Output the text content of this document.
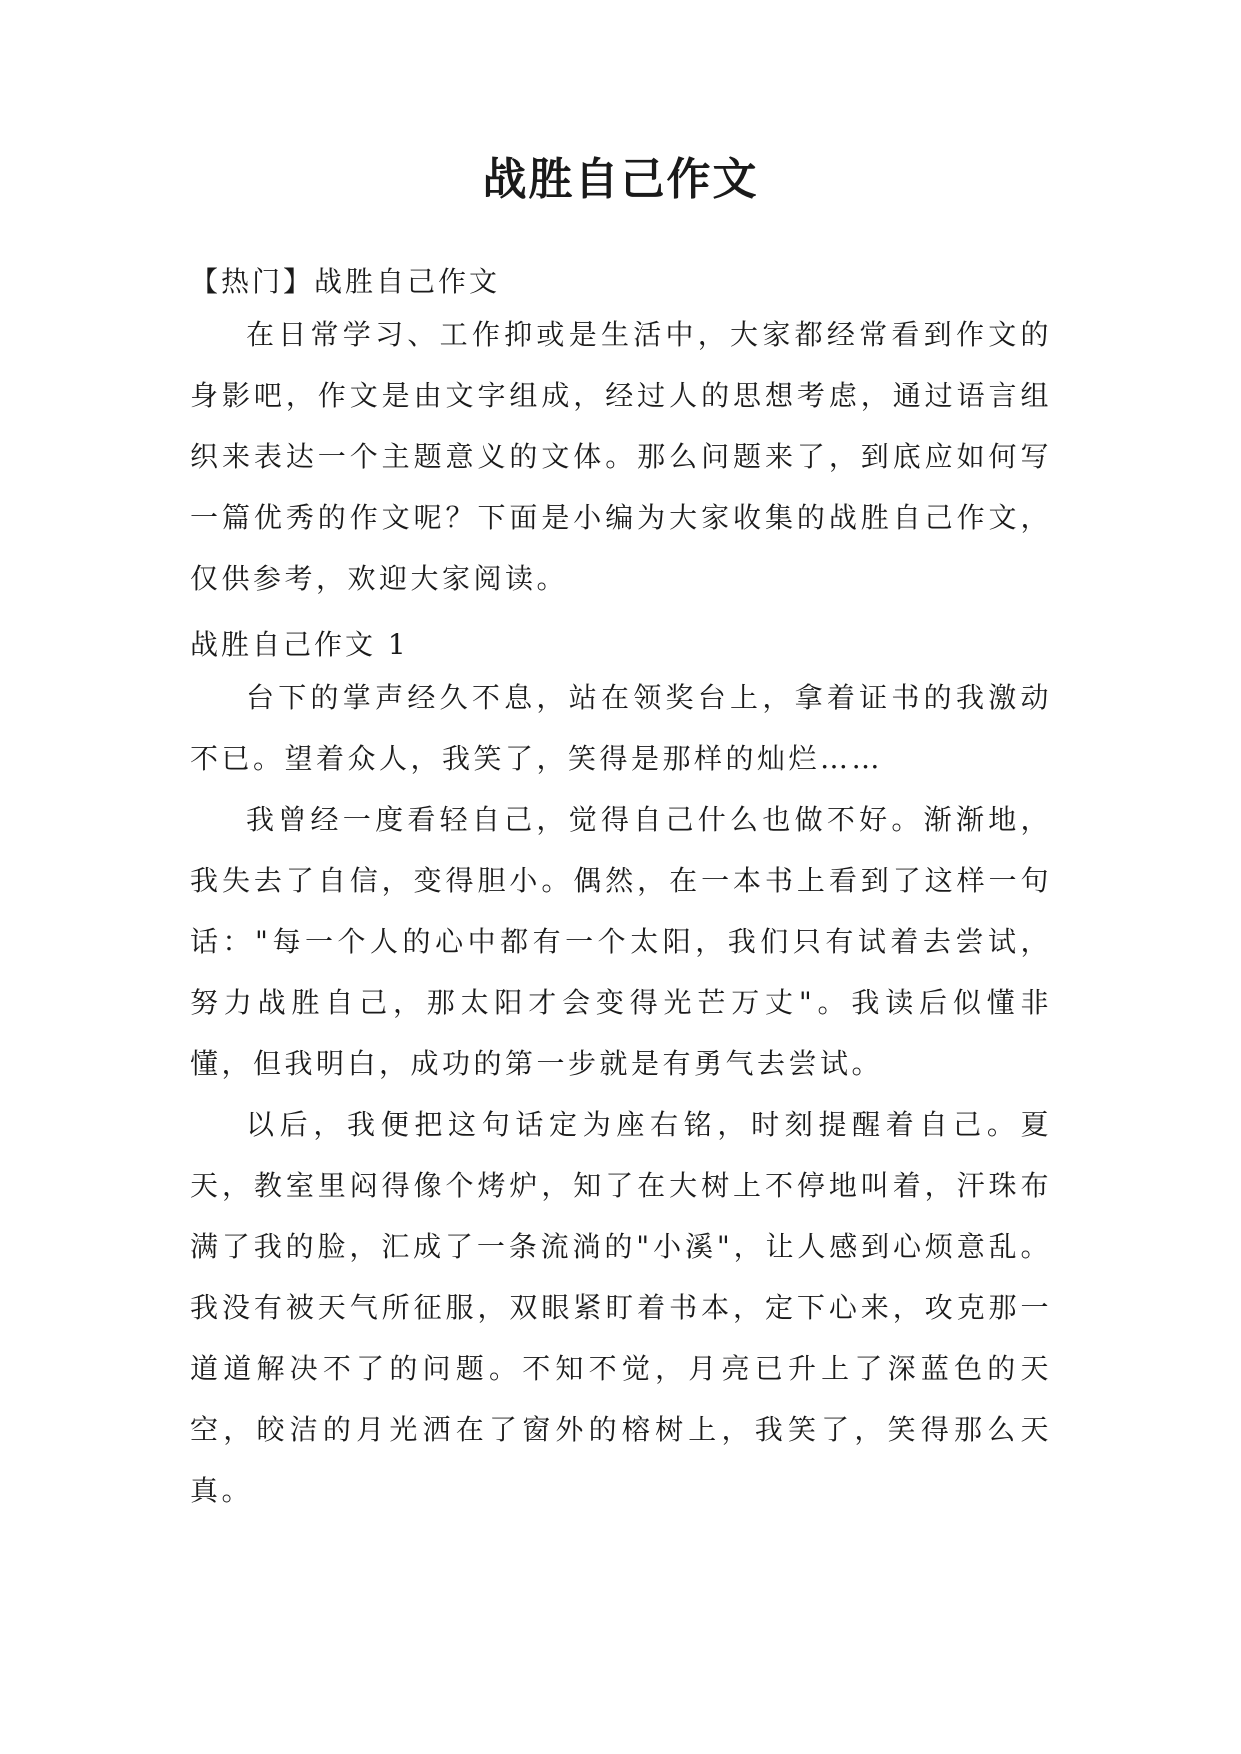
战胜自己作文
【热门】战胜自己作文

在日常学习、工作抑或是生活中，大家都经常看到作文的身影吧，作文是由文字组成，经过人的思想考虑，通过语言组织来表达一个主题意义的文体。那么问题来了，到底应如何写一篇优秀的作文呢？下面是小编为大家收集的战胜自己作文，仅供参考，欢迎大家阅读。

战胜自己作文 1

台下的掌声经久不息，站在领奖台上，拿着证书的我激动不已。望着众人，我笑了，笑得是那样的灿烂……

我曾经一度看轻自己，觉得自己什么也做不好。渐渐地，我失去了自信，变得胆小。偶然，在一本书上看到了这样一句话："每一个人的心中都有一个太阳，我们只有试着去尝试，努力战胜自己，那太阳才会变得光芒万丈"。我读后似懂非懂，但我明白，成功的第一步就是有勇气去尝试。

以后，我便把这句话定为座右铭，时刻提醒着自己。夏天，教室里闷得像个烤炉，知了在大树上不停地叫着，汗珠布满了我的脸，汇成了一条流淌的"小溪"，让人感到心烦意乱。我没有被天气所征服，双眼紧盯着书本，定下心来，攻克那一道道解决不了的问题。不知不觉，月亮已升上了深蓝色的天空，皎洁的月光洒在了窗外的榕树上，我笑了，笑得那么天真。
